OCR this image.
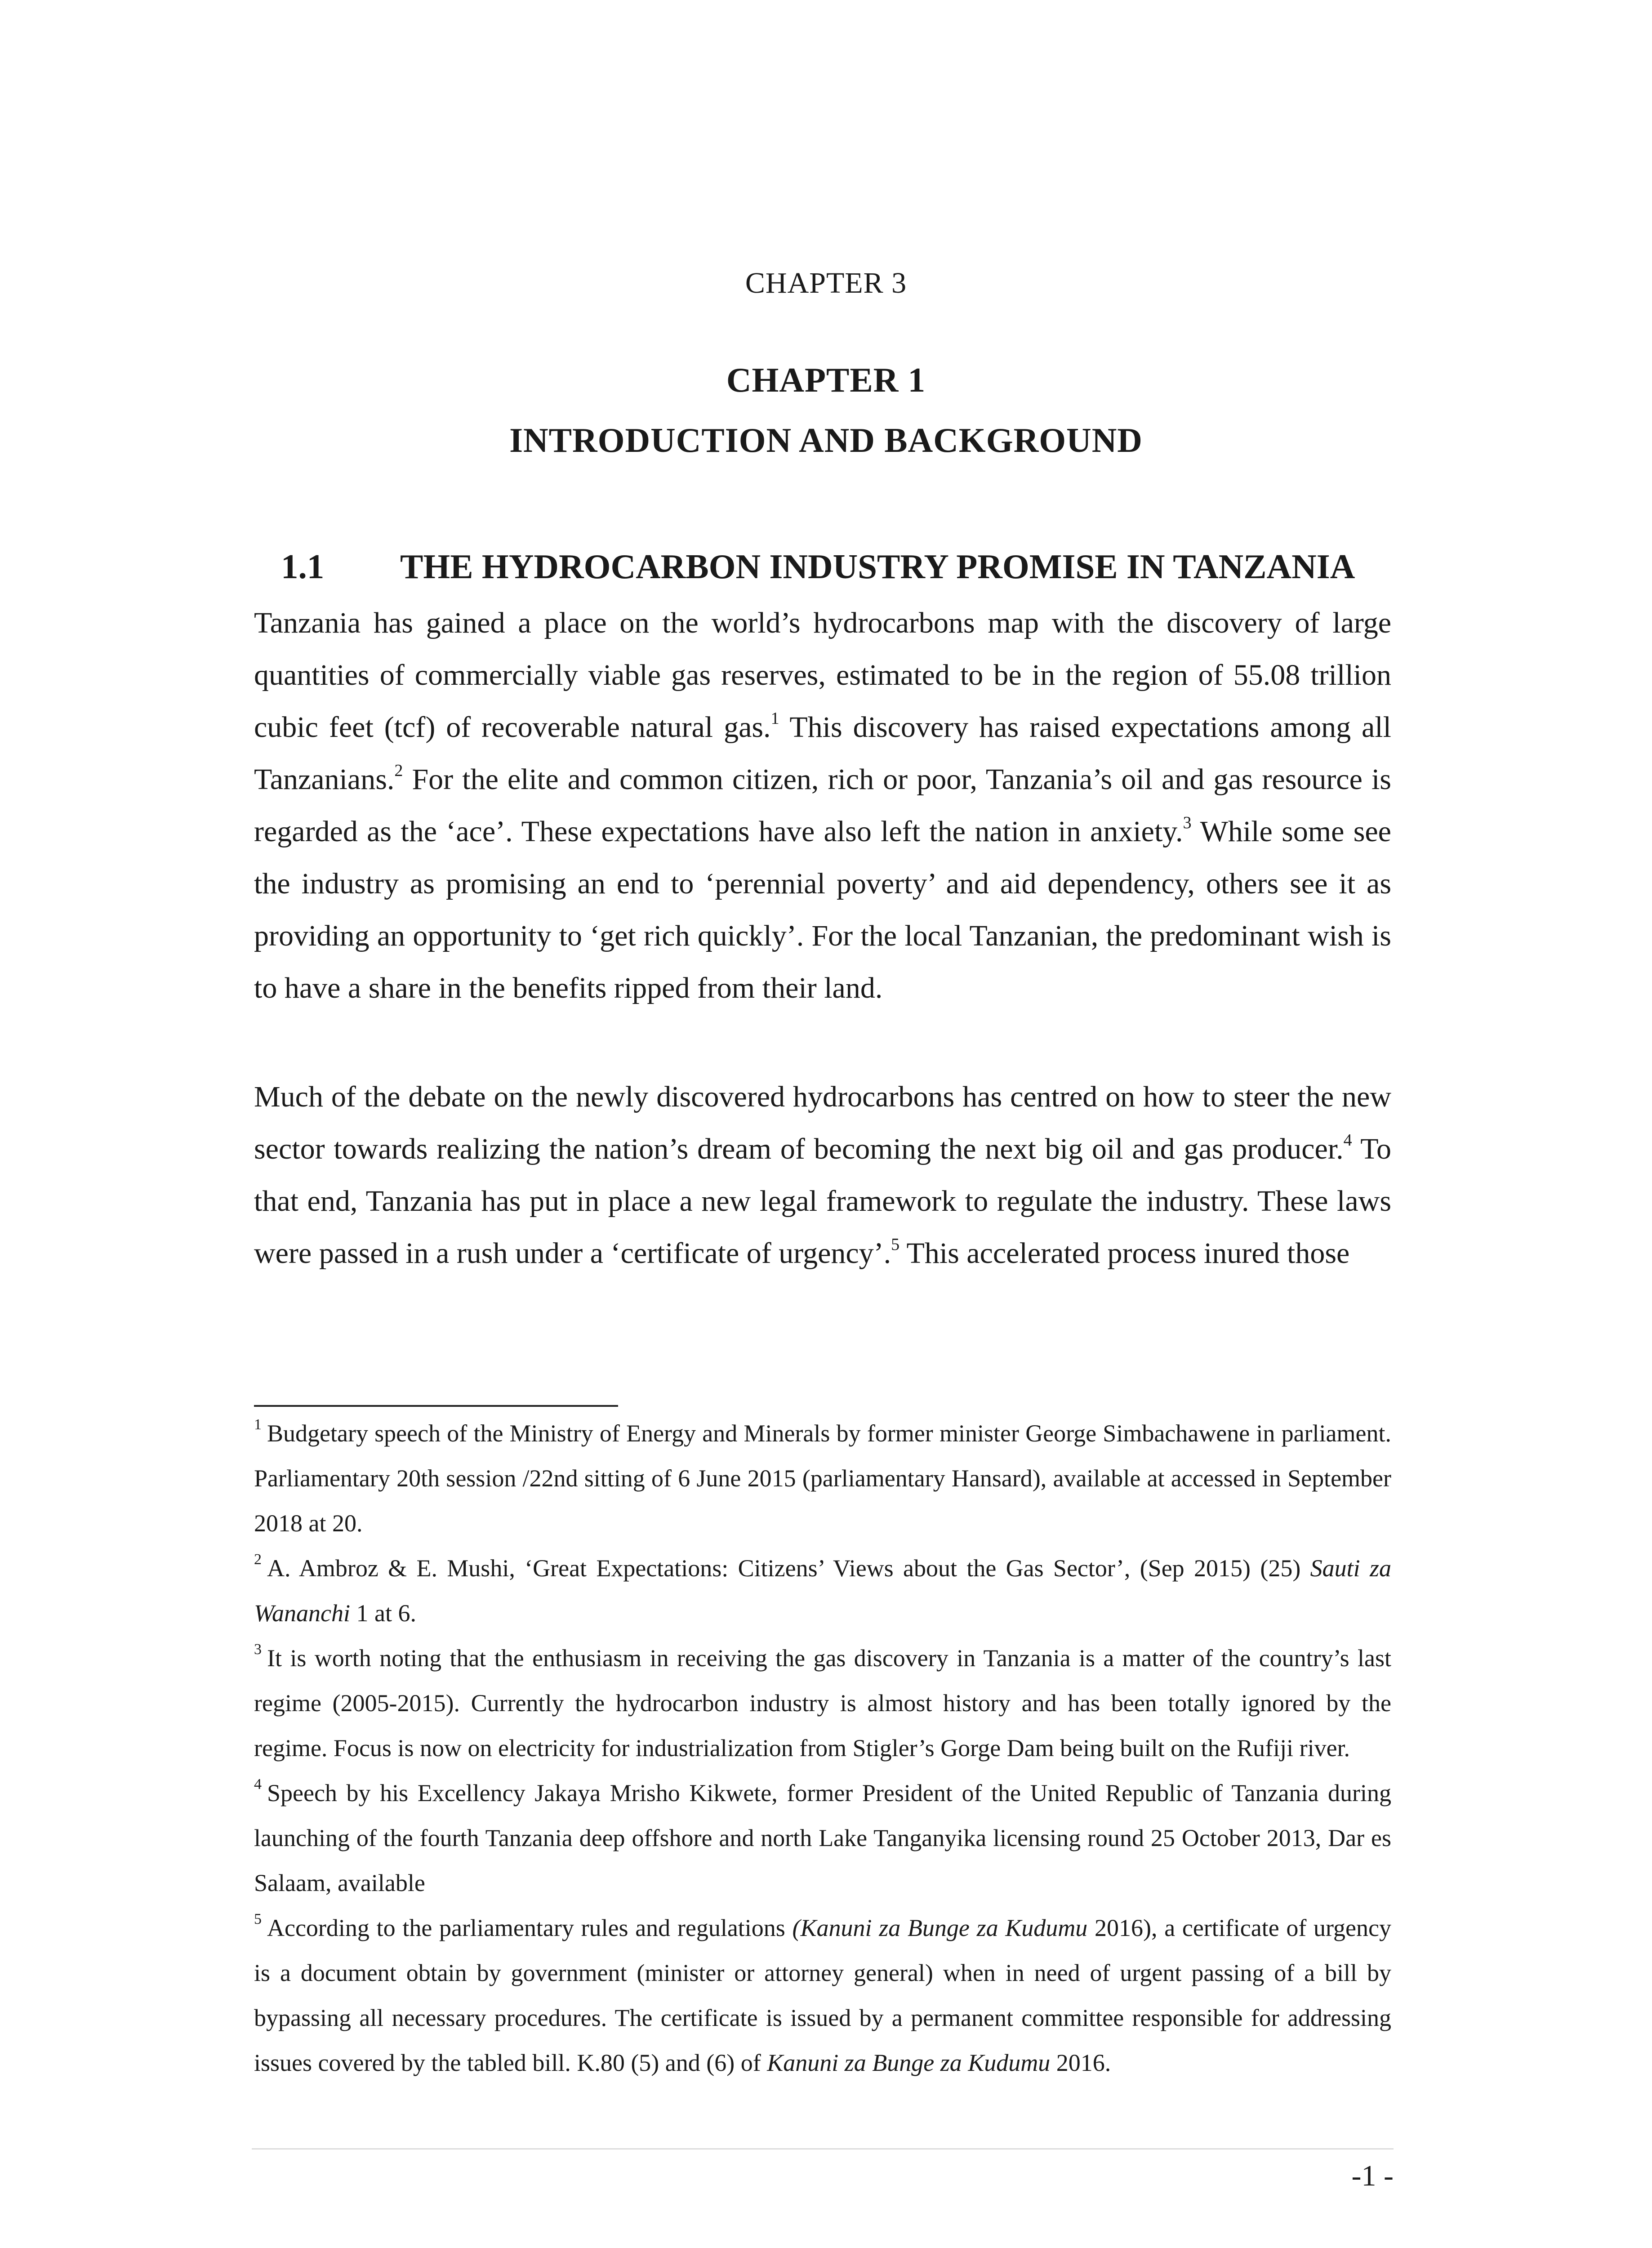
CHAPTER 3
CHAPTER 1
INTRODUCTION AND BACKGROUND
1.1 THE HYDROCARBON INDUSTRY PROMISE IN TANZANIA

Tanzania has gained a place on the world’s hydrocarbons map with the discovery of large quantities of commercially viable gas reserves, estimated to be in the region of 55.08 trillion cubic feet (tcf) of recoverable natural gas.$^1$ This discovery has raised expectations among all Tanzanians.$^2$ For the elite and common citizen, rich or poor, Tanzania’s oil and gas resource is regarded as the ‘ace’. These expectations have also left the nation in anxiety.$^3$ While some see the industry as promising an end to ‘perennial poverty’ and aid dependency, others see it as providing an opportunity to ‘get rich quickly’. For the local Tanzanian, the predominant wish is to have a share in the benefits ripped from their land.

Much of the debate on the newly discovered hydrocarbons has centred on how to steer the new sector towards realizing the nation’s dream of becoming the next big oil and gas producer.$^4$ To that end, Tanzania has put in place a new legal framework to regulate the industry. These laws were passed in a rush under a ‘certificate of urgency’.$^5$ This accelerated process inured those

$^1$ Budgetary speech of the Ministry of Energy and Minerals by former minister George Simbachawene in parliament. Parliamentary 20th session /22nd sitting of 6 June 2015 (parliamentary Hansard), available at accessed in September 2018 at 20.

$^2$ A. Ambroz & E. Mushi, ‘Great Expectations: Citizens’ Views about the Gas Sector’, (Sep 2015) (25) Sauti za Wananchi 1 at 6.

$^3$ It is worth noting that the enthusiasm in receiving the gas discovery in Tanzania is a matter of the country’s last regime (2005-2015). Currently the hydrocarbon industry is almost history and has been totally ignored by the regime. Focus is now on electricity for industrialization from Stigler’s Gorge Dam being built on the Rufiji river.

$^4$ Speech by his Excellency Jakaya Mrisho Kikwete, former President of the United Republic of Tanzania during launching of the fourth Tanzania deep offshore and north Lake Tanganyika licensing round 25 October 2013, Dar es Salaam, available

$^5$ According to the parliamentary rules and regulations (Kanuni za Bunge za Kudumu 2016), a certificate of urgency is a document obtain by government (minister or attorney general) when in need of urgent passing of a bill by bypassing all necessary procedures. The certificate is issued by a permanent committee responsible for addressing issues covered by the tabled bill. K.80 (5) and (6) of Kanuni za Bunge za Kudumu 2016.

-1 -
